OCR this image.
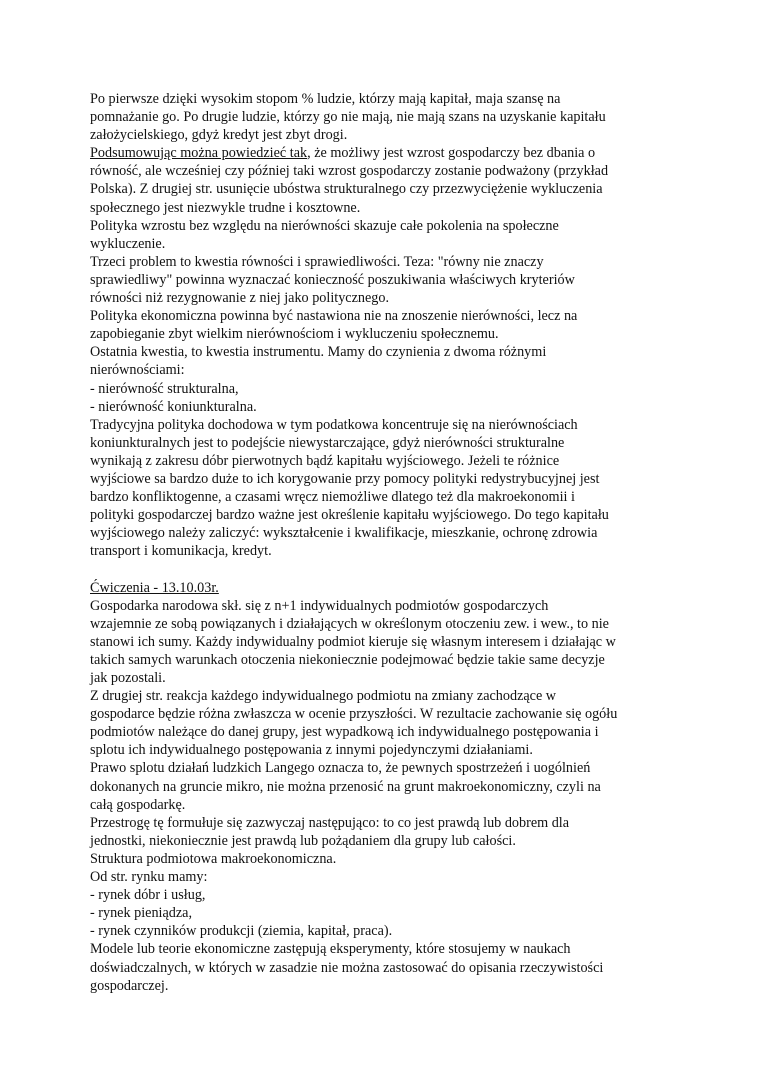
Po pierwsze dzięki wysokim stopom % ludzie, którzy mają kapitał, maja szansę na
pomnażanie go. Po drugie ludzie, którzy go nie mają, nie mają szans na uzyskanie kapitału
założycielskiego, gdyż kredyt jest zbyt drogi.
Podsumowując można powiedzieć tak, że możliwy jest wzrost gospodarczy bez dbania o
równość, ale wcześniej czy później taki wzrost gospodarczy zostanie podważony (przykład
Polska). Z drugiej str. usunięcie ubóstwa strukturalnego czy przezwyciężenie wykluczenia
społecznego jest niezwykle trudne i kosztowne.
Polityka wzrostu bez względu na nierówności skazuje całe pokolenia na społeczne
wykluczenie.
Trzeci problem to kwestia równości i sprawiedliwości. Teza: "równy nie znaczy
sprawiedliwy" powinna wyznaczać konieczność poszukiwania właściwych kryteriów
równości niż rezygnowanie z niej jako politycznego.
Polityka ekonomiczna powinna być nastawiona nie na znoszenie nierówności, lecz na
zapobieganie zbyt wielkim nierównościom i wykluczeniu społecznemu.
Ostatnia kwestia, to kwestia instrumentu. Mamy do czynienia z dwoma różnymi
nierównościami:
- nierówność strukturalna,
- nierówność koniunkturalna.
Tradycyjna polityka dochodowa w tym podatkowa koncentruje się na nierównościach
koniunkturalnych jest to podejście niewystarczające, gdyż nierówności strukturalne
wynikają z zakresu dóbr pierwotnych bądź kapitału wyjściowego. Jeżeli te różnice
wyjściowe sa bardzo duże to ich korygowanie przy pomocy polityki redystrybucyjnej jest
bardzo konfliktogenne, a czasami wręcz niemożliwe dlatego też dla makroekonomii i
polityki gospodarczej bardzo ważne jest określenie kapitału wyjściowego. Do tego kapitału
wyjściowego należy zaliczyć: wykształcenie i kwalifikacje, mieszkanie, ochronę zdrowia
transport i komunikacja, kredyt.
Ćwiczenia - 13.10.03r.
Gospodarka narodowa skł. się z n+1 indywidualnych podmiotów gospodarczych
wzajemnie ze sobą powiązanych i działających w określonym otoczeniu zew. i wew., to nie
stanowi ich sumy. Każdy indywidualny podmiot kieruje się własnym interesem i działając w
takich samych warunkach otoczenia niekoniecznie podejmować będzie takie same decyzje
jak pozostali.
Z drugiej str. reakcja każdego indywidualnego podmiotu na zmiany zachodzące w
gospodarce będzie różna zwłaszcza w ocenie przyszłości. W rezultacie zachowanie się ogółu
podmiotów należące do danej grupy, jest wypadkową ich indywidualnego postępowania i
splotu ich indywidualnego postępowania z innymi pojedynczymi działaniami.
Prawo splotu działań ludzkich Langego oznacza to, że pewnych spostrzeżeń i uogólnień
dokonanych na gruncie mikro, nie można przenosić na grunt makroekonomiczny, czyli na
całą gospodarkę.
Przestrogę tę formułuje się zazwyczaj następująco: to co jest prawdą lub dobrem dla
jednostki, niekoniecznie jest prawdą lub pożądaniem dla grupy lub całości.
Struktura podmiotowa makroekonomiczna.
Od str. rynku mamy:
- rynek dóbr i usług,
- rynek pieniądza,
- rynek czynników produkcji (ziemia, kapitał, praca).
Modele lub teorie ekonomiczne zastępują eksperymenty, które stosujemy w naukach
doświadczalnych, w których w zasadzie nie można zastosować do opisania rzeczywistości
gospodarczej.
